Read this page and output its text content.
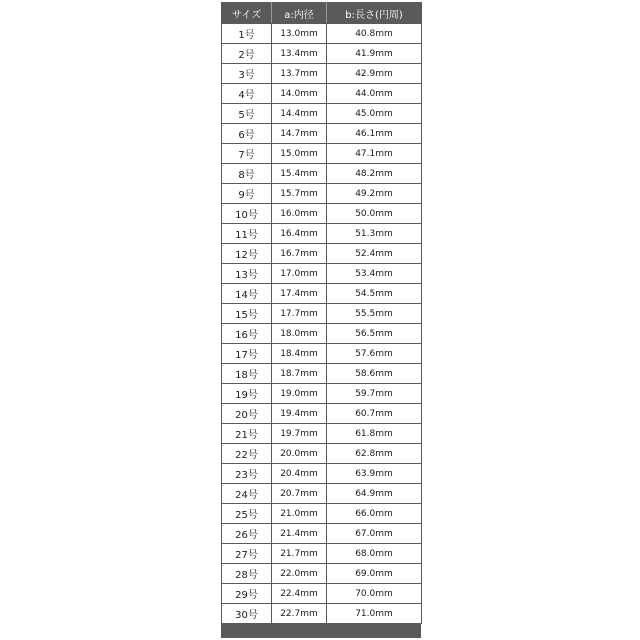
サイズ	a:内径	b:長さ(円周)
1号	13.0mm	40.8mm
2号	13.4mm	41.9mm
3号	13.7mm	42.9mm
4号	14.0mm	44.0mm
5号	14.4mm	45.0mm
6号	14.7mm	46.1mm
7号	15.0mm	47.1mm
8号	15.4mm	48.2mm
9号	15.7mm	49.2mm
10号	16.0mm	50.0mm
11号	16.4mm	51.3mm
12号	16.7mm	52.4mm
13号	17.0mm	53.4mm
14号	17.4mm	54.5mm
15号	17.7mm	55.5mm
16号	18.0mm	56.5mm
17号	18.4mm	57.6mm
18号	18.7mm	58.6mm
19号	19.0mm	59.7mm
20号	19.4mm	60.7mm
21号	19.7mm	61.8mm
22号	20.0mm	62.8mm
23号	20.4mm	63.9mm
24号	20.7mm	64.9mm
25号	21.0mm	66.0mm
26号	21.4mm	67.0mm
27号	21.7mm	68.0mm
28号	22.0mm	69.0mm
29号	22.4mm	70.0mm
30号	22.7mm	71.0mm
